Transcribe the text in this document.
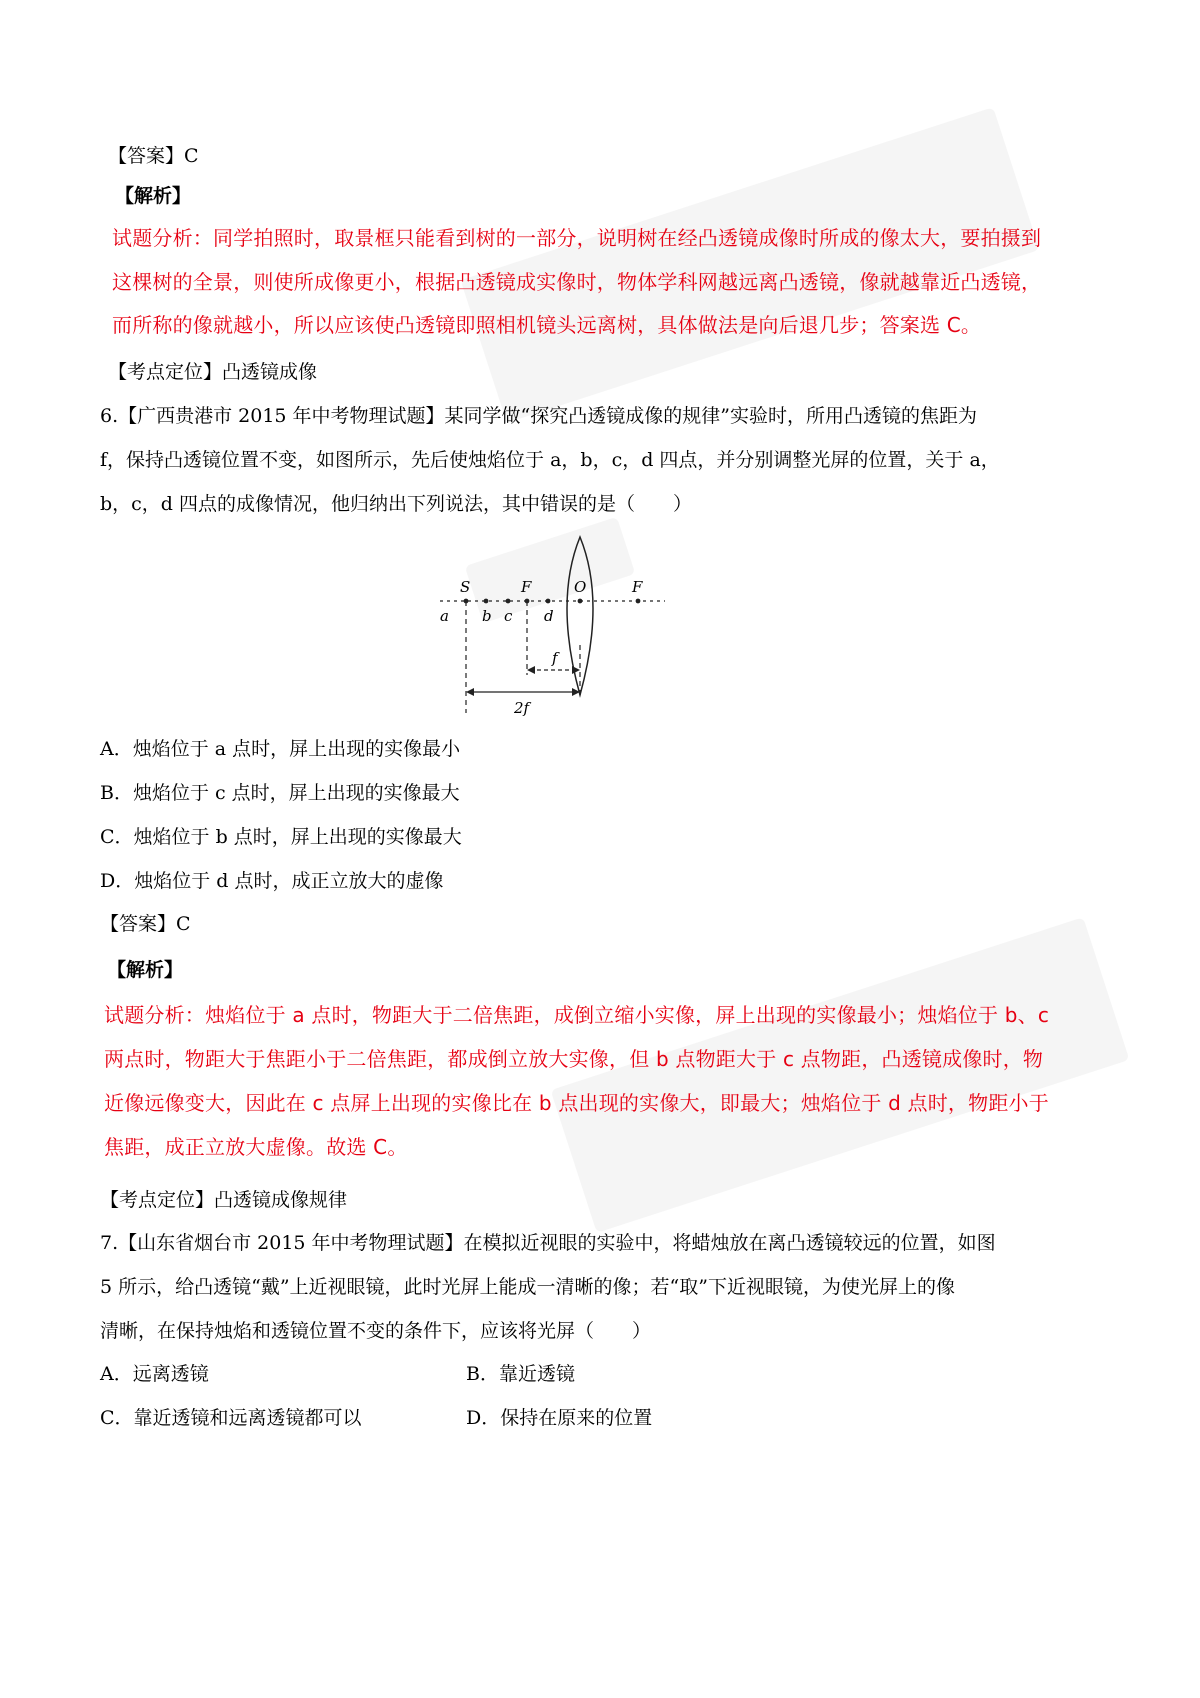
【答案】C
【解析】
试题分析：同学拍照时，取景框只能看到树的一部分，说明树在经凸透镜成像时所成的像太大，要拍摄到
这棵树的全景，则使所成像更小，根据凸透镜成实像时，物体学科网越远离凸透镜，像就越靠近凸透镜，
而所称的像就越小，所以应该使凸透镜即照相机镜头远离树，具体做法是向后退几步；答案选 C。
【考点定位】凸透镜成像
6.【广西贵港市 2015 年中考物理试题】某同学做“探究凸透镜成像的规律”实验时，所用凸透镜的焦距为
f，保持凸透镜位置不变，如图所示，先后使烛焰位于 a，b，c，d 四点，并分别调整光屏的位置，关于 a，
b，c，d 四点的成像情况，他归纳出下列说法，其中错误的是（　　）
S	F	O	F
a b c d
f
2f
A．烛焰位于 a 点时，屏上出现的实像最小
B．烛焰位于 c 点时，屏上出现的实像最大
C．烛焰位于 b 点时，屏上出现的实像最大
D．烛焰位于 d 点时，成正立放大的虚像
【答案】C
【解析】
试题分析：烛焰位于 a 点时，物距大于二倍焦距，成倒立缩小实像，屏上出现的实像最小；烛焰位于 b、c
两点时，物距大于焦距小于二倍焦距，都成倒立放大实像，但 b 点物距大于 c 点物距，凸透镜成像时，物
近像远像变大，因此在 c 点屏上出现的实像比在 b 点出现的实像大，即最大；烛焰位于 d 点时，物距小于
焦距，成正立放大虚像。故选 C。
【考点定位】凸透镜成像规律
7.【山东省烟台市 2015 年中考物理试题】在模拟近视眼的实验中，将蜡烛放在离凸透镜较远的位置，如图
5 所示，给凸透镜“戴”上近视眼镜，此时光屏上能成一清晰的像；若“取”下近视眼镜，为使光屏上的像
清晰，在保持烛焰和透镜位置不变的条件下，应该将光屏（　　）
A．远离透镜	B．靠近透镜
C．靠近透镜和远离透镜都可以	D．保持在原来的位置
